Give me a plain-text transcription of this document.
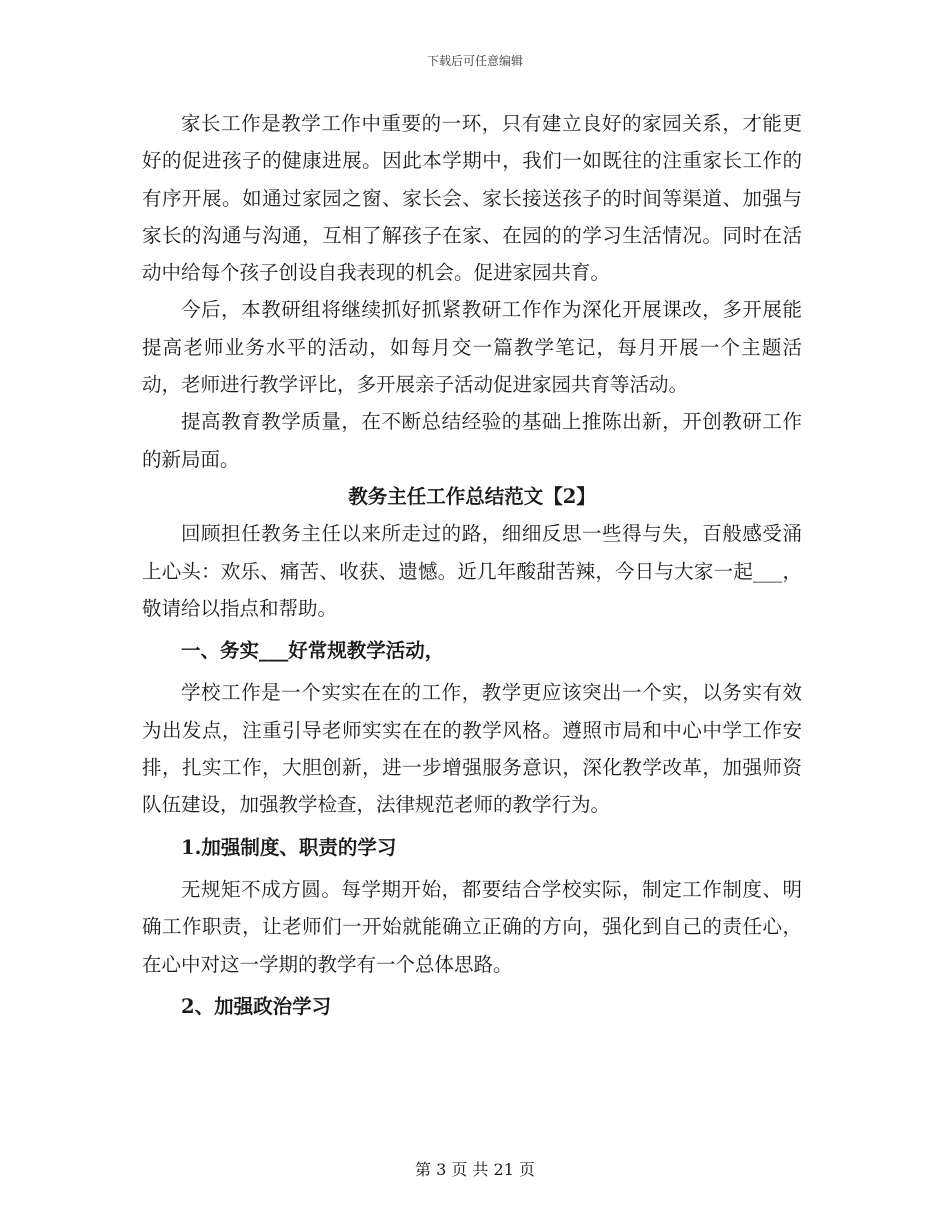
下载后可任意编辑

家长工作是教学工作中重要的一环，只有建立良好的家园关系，才能更好的促进孩子的健康进展。因此本学期中，我们一如既往的注重家长工作的有序开展。如通过家园之窗、家长会、家长接送孩子的时间等渠道、加强与家长的沟通与沟通，互相了解孩子在家、在园的的学习生活情况。同时在活动中给每个孩子创设自我表现的机会。促进家园共育。

今后，本教研组将继续抓好抓紧教研工作作为深化开展课改，多开展能提高老师业务水平的活动，如每月交一篇教学笔记，每月开展一个主题活动，老师进行教学评比，多开展亲子活动促进家园共育等活动。

提高教育教学质量，在不断总结经验的基础上推陈出新，开创教研工作的新局面。

教务主任工作总结范文【2】

回顾担任教务主任以来所走过的路，细细反思一些得与失，百般感受涌上心头：欢乐、痛苦、收获、遗憾。近几年酸甜苦辣，今日与大家一起___，敬请给以指点和帮助。

一、务实___好常规教学活动，

学校工作是一个实实在在的工作，教学更应该突出一个实，以务实有效为出发点，注重引导老师实实在在的教学风格。遵照市局和中心中学工作安排，扎实工作，大胆创新，进一步增强服务意识，深化教学改革，加强师资队伍建设，加强教学检查，法律规范老师的教学行为。

1.加强制度、职责的学习

无规矩不成方圆。每学期开始，都要结合学校实际，制定工作制度、明确工作职责，让老师们一开始就能确立正确的方向，强化到自己的责任心，在心中对这一学期的教学有一个总体思路。

2、加强政治学习
第 3 页 共 21 页
